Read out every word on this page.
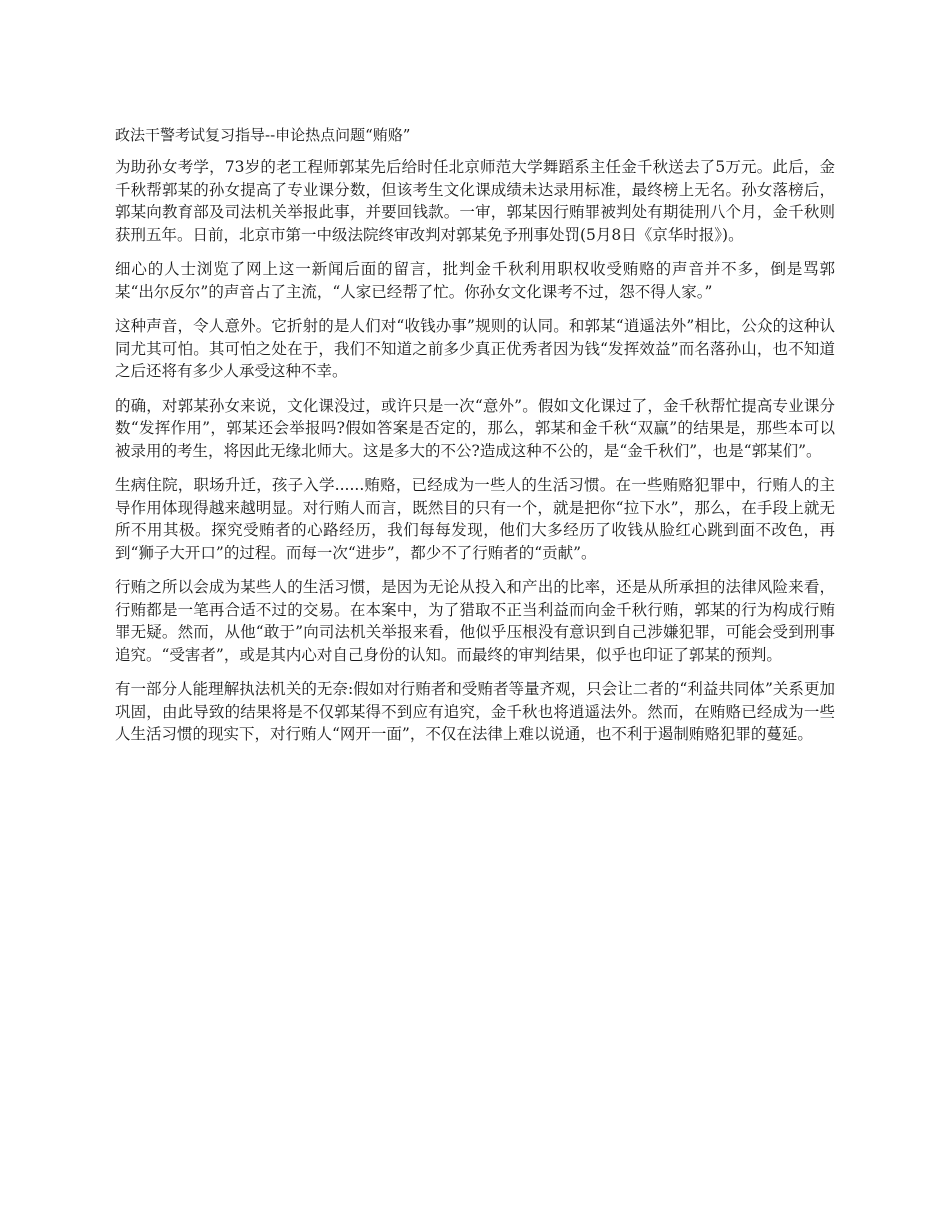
政法干警考试复习指导--申论热点问题“贿赂”

为助孙女考学，73岁的老工程师郭某先后给时任北京师范大学舞蹈系主任金千秋送去了5万元。此后，金千秋帮郭某的孙女提高了专业课分数，但该考生文化课成绩未达录用标准，最终榜上无名。孙女落榜后，郭某向教育部及司法机关举报此事，并要回钱款。一审，郭某因行贿罪被判处有期徒刑八个月，金千秋则获刑五年。日前，北京市第一中级法院终审改判对郭某免予刑事处罚(5月8日《京华时报》)。

细心的人士浏览了网上这一新闻后面的留言，批判金千秋利用职权收受贿赂的声音并不多，倒是骂郭某“出尔反尔”的声音占了主流，“人家已经帮了忙。你孙女文化课考不过，怨不得人家。”

这种声音，令人意外。它折射的是人们对“收钱办事”规则的认同。和郭某“逍遥法外”相比，公众的这种认同尤其可怕。其可怕之处在于，我们不知道之前多少真正优秀者因为钱“发挥效益”而名落孙山，也不知道之后还将有多少人承受这种不幸。

的确，对郭某孙女来说，文化课没过，或许只是一次“意外”。假如文化课过了，金千秋帮忙提高专业课分数“发挥作用”，郭某还会举报吗?假如答案是否定的，那么，郭某和金千秋“双赢”的结果是，那些本可以被录用的考生，将因此无缘北师大。这是多大的不公?造成这种不公的，是“金千秋们”，也是“郭某们”。

生病住院，职场升迁，孩子入学......贿赂，已经成为一些人的生活习惯。在一些贿赂犯罪中，行贿人的主导作用体现得越来越明显。对行贿人而言，既然目的只有一个，就是把你“拉下水”，那么，在手段上就无所不用其极。探究受贿者的心路经历，我们每每发现，他们大多经历了收钱从脸红心跳到面不改色，再到“狮子大开口”的过程。而每一次“进步”，都少不了行贿者的“贡献”。

行贿之所以会成为某些人的生活习惯，是因为无论从投入和产出的比率，还是从所承担的法律风险来看，行贿都是一笔再合适不过的交易。在本案中，为了猎取不正当利益而向金千秋行贿，郭某的行为构成行贿罪无疑。然而，从他“敢于”向司法机关举报来看，他似乎压根没有意识到自己涉嫌犯罪，可能会受到刑事追究。“受害者”，或是其内心对自己身份的认知。而最终的审判结果，似乎也印证了郭某的预判。

有一部分人能理解执法机关的无奈:假如对行贿者和受贿者等量齐观，只会让二者的“利益共同体”关系更加巩固，由此导致的结果将是不仅郭某得不到应有追究，金千秋也将逍遥法外。然而，在贿赂已经成为一些人生活习惯的现实下，对行贿人“网开一面”，不仅在法律上难以说通，也不利于遏制贿赂犯罪的蔓延。
